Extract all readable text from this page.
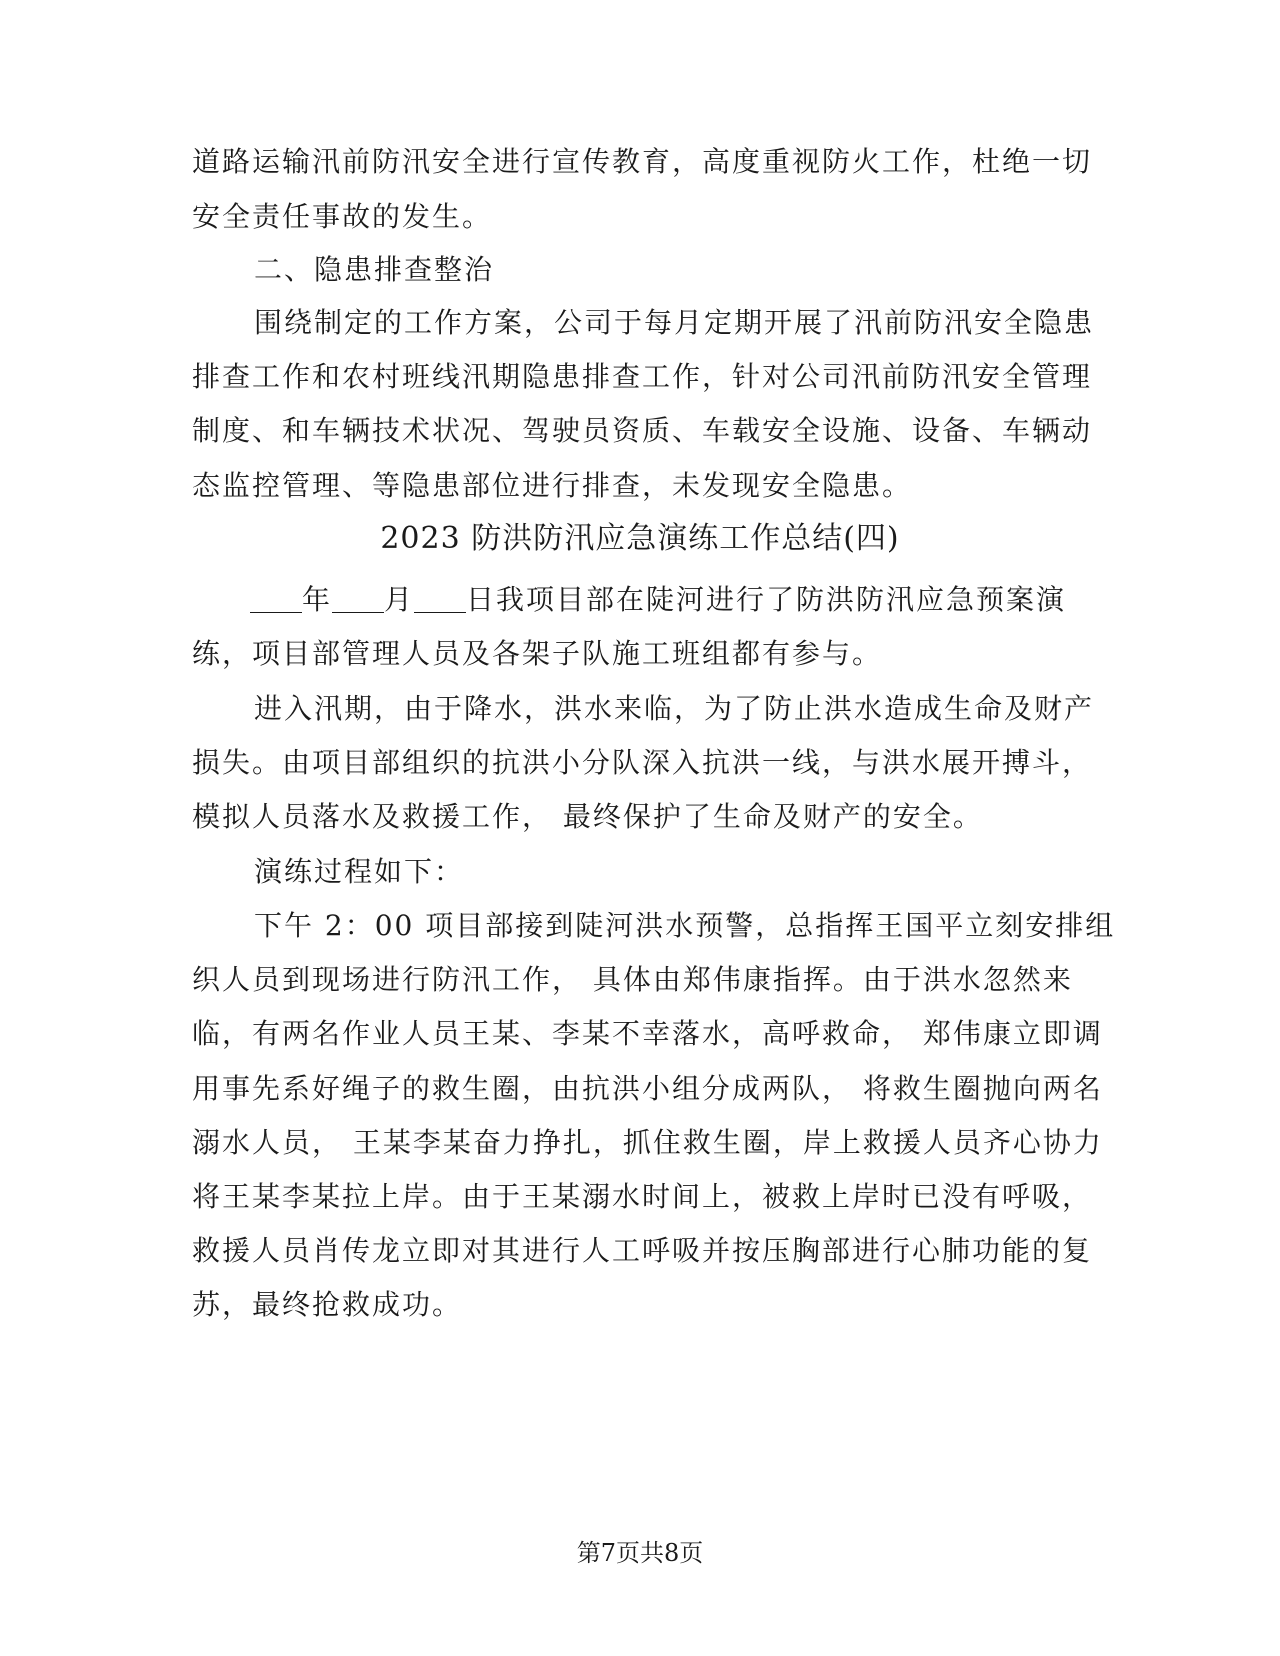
道路运输汛前防汛安全进行宣传教育，高度重视防火工作，杜绝一切
安全责任事故的发生。
二、隐患排查整治
围绕制定的工作方案，公司于每月定期开展了汛前防汛安全隐患
排查工作和农村班线汛期隐患排查工作，针对公司汛前防汛安全管理
制度、和车辆技术状况、驾驶员资质、车载安全设施、设备、车辆动
态监控管理、等隐患部位进行排查，未发现安全隐患。
2023 防洪防汛应急演练工作总结(四)
年 月 日我项目部在陡河进行了防洪防汛应急预案演
练，项目部管理人员及各架子队施工班组都有参与。
进入汛期，由于降水，洪水来临，为了防止洪水造成生命及财产
损失。由项目部组织的抗洪小分队深入抗洪一线，与洪水展开搏斗，
模拟人员落水及救援工作， 最终保护了生命及财产的安全。
演练过程如下：
下午 2：00 项目部接到陡河洪水预警，总指挥王国平立刻安排组
织人员到现场进行防汛工作， 具体由郑伟康指挥。由于洪水忽然来
临，有两名作业人员王某、李某不幸落水，高呼救命， 郑伟康立即调
用事先系好绳子的救生圈，由抗洪小组分成两队， 将救生圈抛向两名
溺水人员， 王某李某奋力挣扎，抓住救生圈，岸上救援人员齐心协力
将王某李某拉上岸。由于王某溺水时间上，被救上岸时已没有呼吸，
救援人员肖传龙立即对其进行人工呼吸并按压胸部进行心肺功能的复
苏，最终抢救成功。
第7页共8页
